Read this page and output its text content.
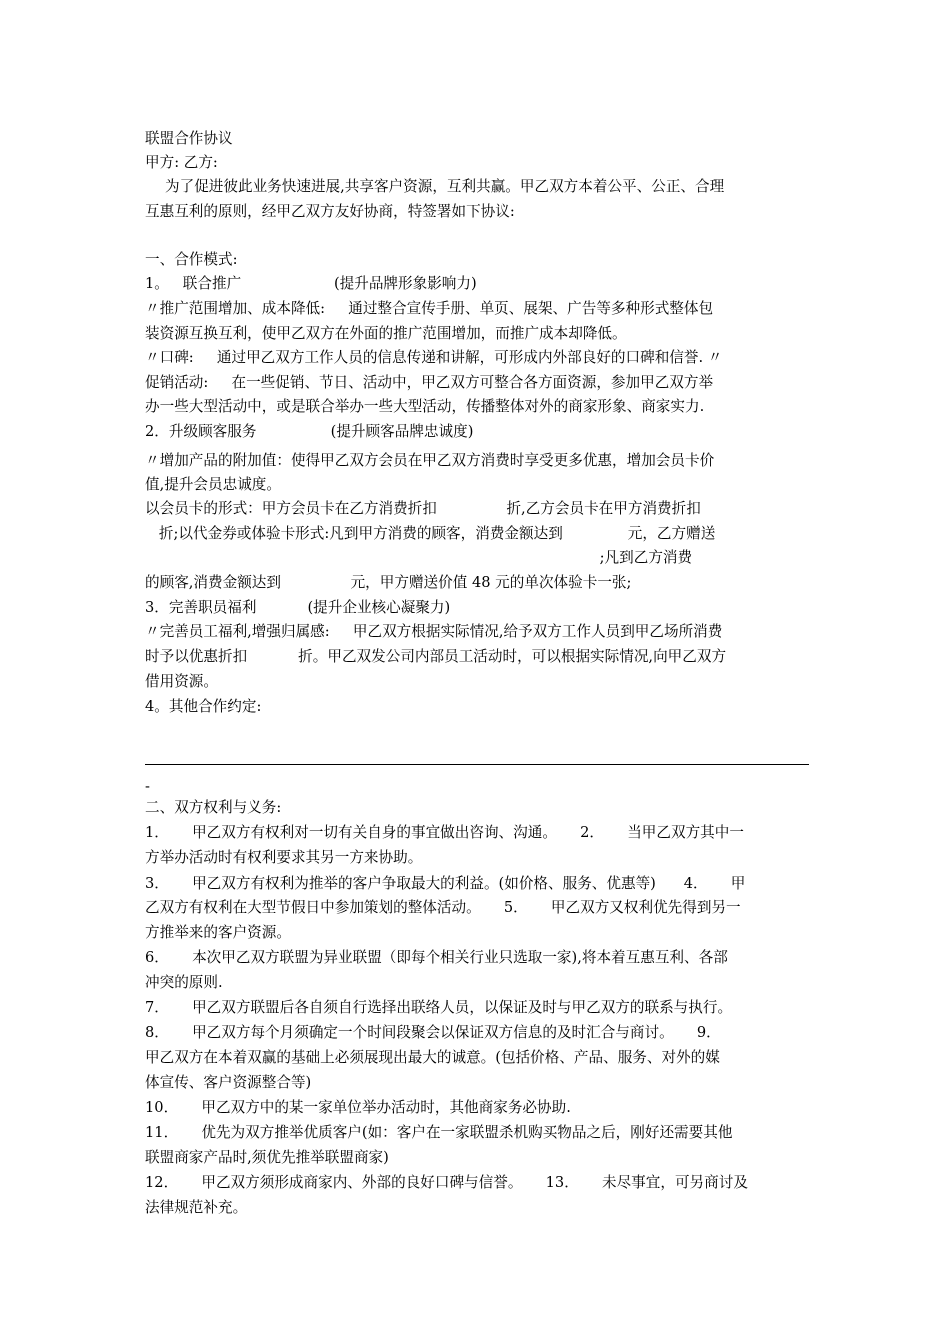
联盟合作协议
甲方: 乙方:
为了促进彼此业务快速进展,共享客户资源，互利共赢。甲乙双方本着公平、公正、合理
互惠互利的原则，经甲乙双方友好协商，特签署如下协议:
一、合作模式:
1。   联合推广                    (提升品牌形象影响力)
〃推广范围增加、成本降低:     通过整合宣传手册、单页、展架、广告等多种形式整体包
装资源互换互利，使甲乙双方在外面的推广范围增加，而推广成本却降低。
〃口碑:     通过甲乙双方工作人员的信息传递和讲解，可形成内外部良好的口碑和信誉. 〃
促销活动:     在一些促销、节日、活动中，甲乙双方可整合各方面资源，参加甲乙双方举
办一些大型活动中，或是联合举办一些大型活动，传播整体对外的商家形象、商家实力.
2．升级顾客服务                (提升顾客品牌忠诚度)
〃增加产品的附加值：使得甲乙双方会员在甲乙双方消费时享受更多优惠，增加会员卡价
值,提升会员忠诚度。
以会员卡的形式：甲方会员卡在乙方消费折扣               折,乙方会员卡在甲方消费折扣
折;以代金券或体验卡形式:凡到甲方消费的顾客，消费金额达到              元，乙方赠送
;凡到乙方消费
的顾客,消费金额达到               元，甲方赠送价值 48 元的单次体验卡一张;
3．完善职员福利           (提升企业核心凝聚力)
〃完善员工福利,增强归属感:     甲乙双方根据实际情况,给予双方工作人员到甲乙场所消费
时予以优惠折扣           折。甲乙双发公司内部员工活动时，可以根据实际情况,向甲乙双方
借用资源。
4。其他合作约定:
-
二、双方权利与义务:
1．     甲乙双方有权利对一切有关自身的事宜做出咨询、沟通。     2．     当甲乙双方其中一
方举办活动时有权利要求其另一方来协助。
3．     甲乙双方有权利为推举的客户争取最大的利益。(如价格、服务、优惠等)      4．     甲
乙双方有权利在大型节假日中参加策划的整体活动。     5．     甲乙双方又权利优先得到另一
方推举来的客户资源。
6．     本次甲乙双方联盟为异业联盟（即每个相关行业只选取一家),将本着互惠互利、各部
冲突的原则.
7．     甲乙双方联盟后各自须自行选择出联络人员，以保证及时与甲乙双方的联系与执行。
8．     甲乙双方每个月须确定一个时间段聚会以保证双方信息的及时汇合与商讨。     9．
甲乙双方在本着双赢的基础上必须展现出最大的诚意。(包括价格、产品、服务、对外的媒
体宣传、客户资源整合等)
10．     甲乙双方中的某一家单位举办活动时，其他商家务必协助.
11．     优先为双方推举优质客户(如：客户在一家联盟杀机购买物品之后，刚好还需要其他
联盟商家产品时,须优先推举联盟商家)
12．     甲乙双方须形成商家内、外部的良好口碑与信誉。     13．     未尽事宜，可另商讨及
法律规范补充。
